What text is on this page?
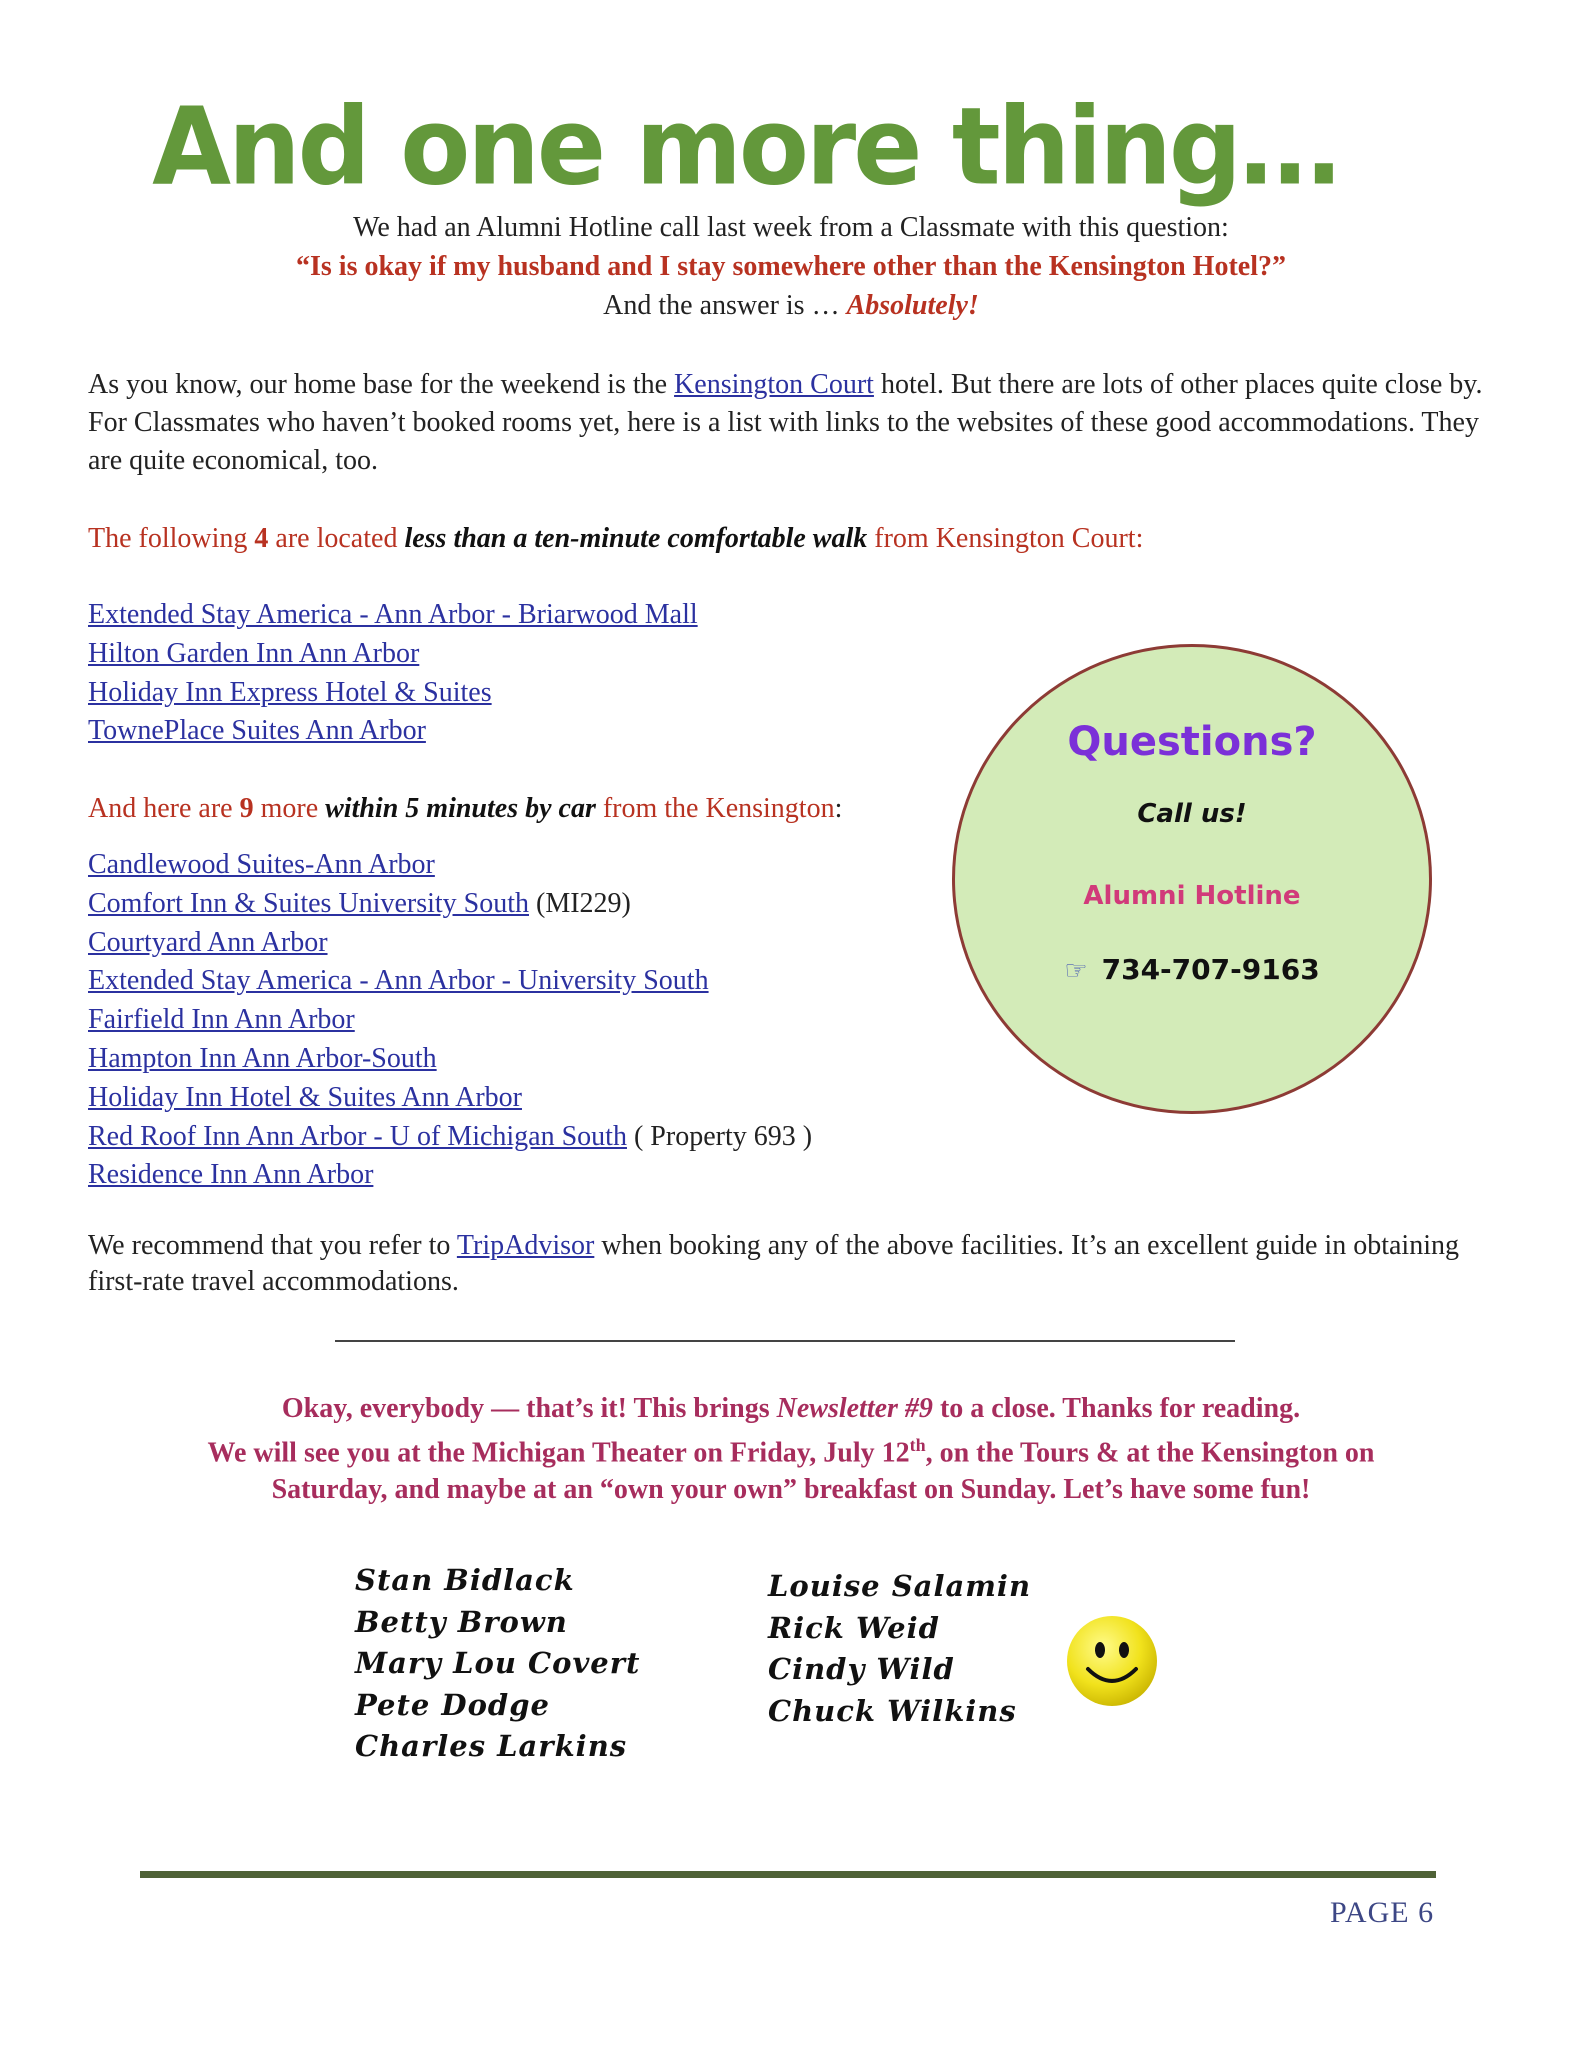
And one more thing…
We had an Alumni Hotline call last week from a Classmate with this question:
“Is is okay if my husband and I stay somewhere other than the Kensington Hotel?”
And the answer is … Absolutely!
As you know, our home base for the weekend is the Kensington Court hotel. But there are lots of other places quite close by. For Classmates who haven’t booked rooms yet, here is a list with links to the websites of these good accommodations. They are quite economical, too.
The following 4 are located less than a ten-minute comfortable walk from Kensington Court:
Extended Stay America - Ann Arbor - Briarwood Mall
Hilton Garden Inn Ann Arbor
Holiday Inn Express Hotel & Suites
TownePlace Suites Ann Arbor
And here are 9 more within 5 minutes by car from the Kensington:
Candlewood Suites-Ann Arbor
Comfort Inn & Suites University South (MI229)
Courtyard Ann Arbor
Extended Stay America - Ann Arbor - University South
Fairfield Inn Ann Arbor
Hampton Inn Ann Arbor-South
Holiday Inn Hotel & Suites Ann Arbor
Red Roof Inn Ann Arbor - U of Michigan South ( Property 693 )
Residence Inn Ann Arbor
Questions?
Call us!
Alumni Hotline
☞ 734-707-9163
We recommend that you refer to TripAdvisor when booking any of the above facilities. It’s an excellent guide in obtaining first-rate travel accommodations.
Okay, everybody — that’s it! This brings Newsletter #9 to a close. Thanks for reading.
We will see you at the Michigan Theater on Friday, July 12th, on the Tours & at the Kensington on
Saturday, and maybe at an “own your own” breakfast on Sunday. Let’s have some fun!
Stan Bidlack
Betty Brown
Mary Lou Covert
Pete Dodge
Charles Larkins
Louise Salamin
Rick Weid
Cindy Wild
Chuck Wilkins
PAGE 6
